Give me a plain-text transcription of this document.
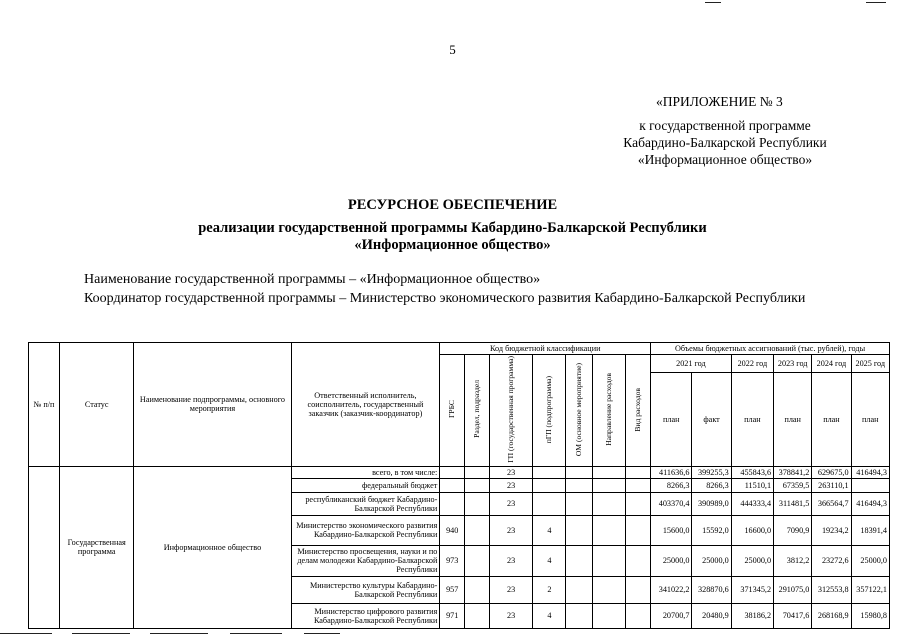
5
«ПРИЛОЖЕНИЕ № 3
к государственной программе
Кабардино-Балкарской Республики
«Информационное общество»
РЕСУРСНОЕ ОБЕСПЕЧЕНИЕ
реализации государственной программы Кабардино-Балкарской Республики
«Информационное общество»
Наименование государственной программы – «Информационное общество»
Координатор государственной программы – Министерство экономического развития Кабардино-Балкарской Республики
№ п/п	Статус	Наименование подпрограммы, основного мероприятия	Ответственный исполнитель, соисполнитель, государственный заказчик (заказчик-координатор)	Код бюджетной классификации							Объемы бюджетных ассигнований (тыс. рублей), годы					
				ГРБС	Раздел, подраздел	ГП (государственная программа)	пГП (подпрограмма)	ОМ (основное мероприятие)	Направление расходов	Вид расходов	2021 год		2022 год	2023 год	2024 год	2025 год
											план	факт	план	план	план	план
	Государственная программа	Информационное общество	всего, в том числе:			23					411636,6	399255,3	455843,6	378841,2	629675,0	416494,3
			федеральный бюджет			23					8266,3	8266,3	11510,1	67359,5	263110,1	
			республиканский бюджет Кабардино-Балкарской Республики			23					403370,4	390989,0	444333,4	311481,5	366564,7	416494,3
			Министерство экономического развития Кабардино-Балкарской Республики	940		23	4				15600,0	15592,0	16600,0	7090,9	19234,2	18391,4
			Министерство просвещения, науки и по делам молодежи Кабардино-Балкарской Республики	973		23	4				25000,0	25000,0	25000,0	3812,2	23272,6	25000,0
			Министерство культуры Кабардино-Балкарской Республики	957		23	2				341022,2	328870,6	371345,2	291075,0	312553,8	357122,1
			Министерство цифрового развития Кабардино-Балкарской Республики	971		23	4				20700,7	20480,9	38186,2	70417,6	268168,9	15980,8
